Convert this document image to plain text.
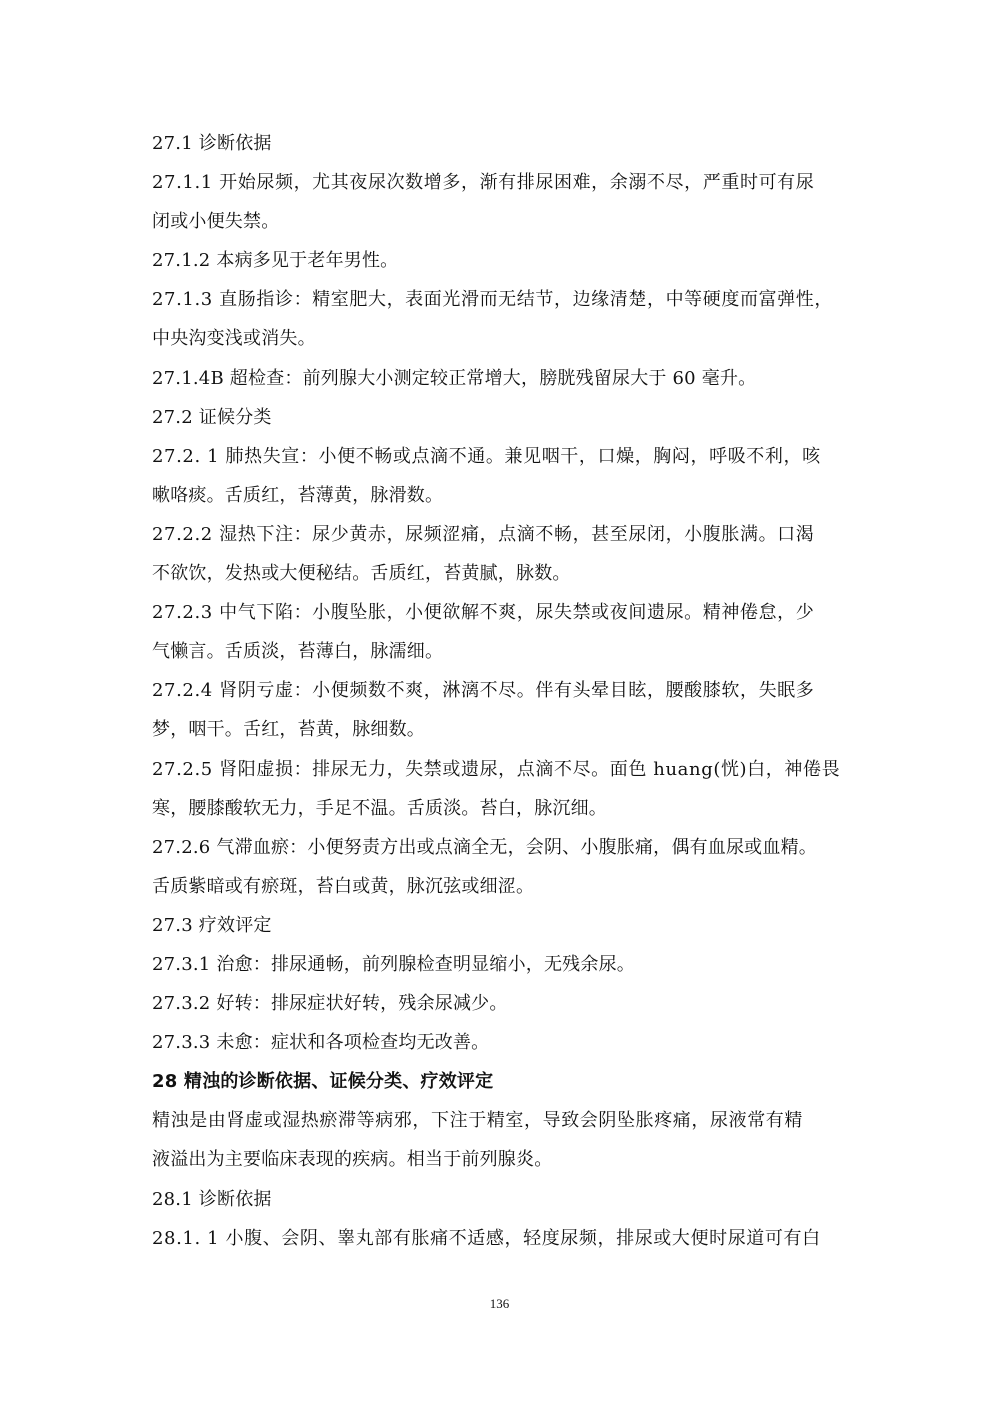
27.1 诊断依据
27.1.1 开始尿频，尤其夜尿次数增多，渐有排尿困难，余溺不尽，严重时可有尿
闭或小便失禁。
27.1.2 本病多见于老年男性。
27.1.3 直肠指诊：精室肥大，表面光滑而无结节，边缘清楚，中等硬度而富弹性，
中央沟变浅或消失。
27.1.4B 超检查：前列腺大小测定较正常增大，膀胱残留尿大于 60 毫升。
27.2 证候分类
27.2. 1 肺热失宣：小便不畅或点滴不通。兼见咽干，口燥，胸闷，呼吸不利，咳
嗽咯痰。舌质红，苔薄黄，脉滑数。
27.2.2 湿热下注：尿少黄赤，尿频涩痛，点滴不畅，甚至尿闭，小腹胀满。口渴
不欲饮，发热或大便秘结。舌质红，苔黄腻，脉数。
27.2.3 中气下陷：小腹坠胀，小便欲解不爽，尿失禁或夜间遗尿。精神倦怠，少
气懒言。舌质淡，苔薄白，脉濡细。
27.2.4 肾阴亏虚：小便频数不爽，淋漓不尽。伴有头晕目眩，腰酸膝软，失眠多
梦，咽干。舌红，苔黄，脉细数。
27.2.5 肾阳虚损：排尿无力，失禁或遗尿，点滴不尽。面色 huang(恍)白，神倦畏
寒，腰膝酸软无力，手足不温。舌质淡。苔白，脉沉细。
27.2.6 气滞血瘀：小便努责方出或点滴全无，会阴、小腹胀痛，偶有血尿或血精。
舌质紫暗或有瘀斑，苔白或黄，脉沉弦或细涩。
27.3 疗效评定
27.3.1 治愈：排尿通畅，前列腺检查明显缩小，无残余尿。
27.3.2 好转：排尿症状好转，残余尿减少。
27.3.3 未愈：症状和各项检查均无改善。
28 精浊的诊断依据、证候分类、疗效评定
精浊是由肾虚或湿热瘀滞等病邪，下注于精室，导致会阴坠胀疼痛，尿液常有精
液溢出为主要临床表现的疾病。相当于前列腺炎。
28.1 诊断依据
28.1. 1 小腹、会阴、睾丸部有胀痛不适感，轻度尿频，排尿或大便时尿道可有白
136
